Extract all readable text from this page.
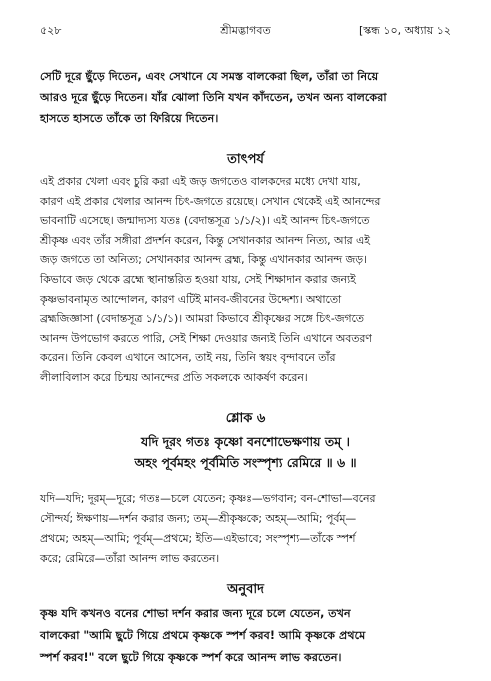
৫২৮	শ্রীমদ্ভাগবত	[স্কন্ধ ১০, অধ্যায় ১২
সেটি দূরে ছুঁড়ে দিতেন, এবং সেখানে যে সমস্ত বালকেরা ছিল, তাঁরা তা নিয়ে
আরও দূরে ছুঁড়ে দিতেন। যাঁর ঝোলা তিনি যখন কাঁদতেন, তখন অন্য বালকেরা
হাসতে হাসতে তাঁকে তা ফিরিয়ে দিতেন।
তাৎপর্য
এই প্রকার খেলা এবং চুরি করা এই জড় জগতেও বালকদের মধ্যে দেখা যায়,
কারণ এই প্রকার খেলার আনন্দ চিৎ-জগতে রয়েছে। সেখান থেকেই এই আনন্দের
ভাবনাটি এসেছে। জন্মাদ্যস্য যতঃ (বেদান্তসূত্র ১/১/২)। এই আনন্দ চিৎ-জগতে
শ্রীকৃষ্ণ এবং তাঁর সঙ্গীরা প্রদর্শন করেন, কিন্তু সেখানকার আনন্দ নিত্য, আর এই
জড় জগতে তা অনিত্য; সেখানকার আনন্দ ব্রহ্ম, কিন্তু এখানকার আনন্দ জড়।
কিভাবে জড় থেকে ব্রহ্মে স্থানান্তরিত হওয়া যায়, সেই শিক্ষাদান করার জন্যই
কৃষ্ণভাবনামৃত আন্দোলন, কারণ এটিই মানব-জীবনের উদ্দেশ্য। অথাতো
ব্রহ্মজিজ্ঞাসা (বেদান্তসূত্র ১/১/১)। আমরা কিভাবে শ্রীকৃষ্ণের সঙ্গে চিৎ-জগতে
আনন্দ উপভোগ করতে পারি, সেই শিক্ষা দেওয়ার জন্যই তিনি এখানে অবতরণ
করেন। তিনি কেবল এখানে আসেন, তাই নয়, তিনি স্বয়ং বৃন্দাবনে তাঁর
লীলাবিলাস করে চিন্ময় আনন্দের প্রতি সকলকে আকর্ষণ করেন।
শ্লোক ৬
যদি দূরং গতঃ কৃষ্ণো বনশোভেক্ষণায় তম্ ।
অহং পূর্বমহং পূর্বমিতি সংস্পৃশ্য রেমিরে ॥ ৬ ॥
যদি—যদি; দূরম্—দূরে; গতঃ—চলে যেতেন; কৃষ্ণঃ—ভগবান; বন-শোভা—বনের
সৌন্দর্য; ঈক্ষণায়—দর্শন করার জন্য; তম্—শ্রীকৃষ্ণকে; অহম্—আমি; পূর্বম্—
প্রথমে; অহম্—আমি; পূর্বম্—প্রথমে; ইতি—এইভাবে; সংস্পৃশ্য—তাঁকে স্পর্শ
করে; রেমিরে—তাঁরা আনন্দ লাভ করতেন।
অনুবাদ
কৃষ্ণ যদি কখনও বনের শোভা দর্শন করার জন্য দূরে চলে যেতেন, তখন
বালকেরা "আমি ছুটে গিয়ে প্রথমে কৃষ্ণকে স্পর্শ করব! আমি কৃষ্ণকে প্রথমে
স্পর্শ করব!" বলে ছুটে গিয়ে কৃষ্ণকে স্পর্শ করে আনন্দ লাভ করতেন।
